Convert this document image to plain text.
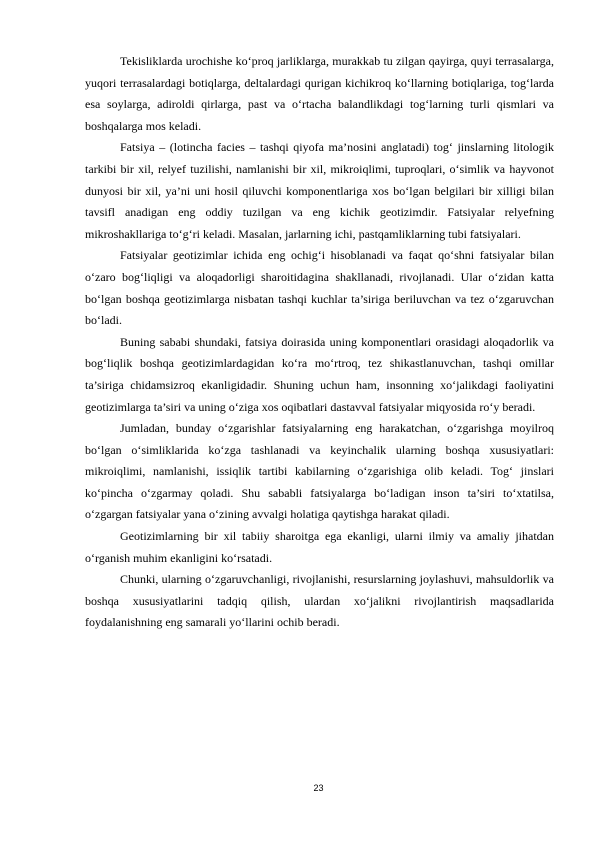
Tekisliklarda urochishe ko‘proq jarliklarga, murakkab tu zilgan qayirga, quyi terrasalarga, yuqori terrasalardagi botiqlarga, deltalardagi qurigan kichikroq ko‘llarning botiqlariga, tog‘larda esa soylarga, adiroldi qirlarga, past va o‘rtacha balandlikdagi tog‘larning turli qismlari va boshqalarga mos keladi.

Fatsiya – (lotincha facies – tashqi qiyofa ma’nosini anglatadi) tog‘ jinslarning litologik tarkibi bir xil, relyef tuzilishi, namlanishi bir xil, mikroiqlimi, tuproqlari, o‘simlik va hayvonot dunyosi bir xil, ya’ni uni hosil qiluvchi komponentlariga xos bo‘lgan belgilari bir xilligi bilan tavsifl anadigan eng oddiy tuzilgan va eng kichik geotizimdir. Fatsiyalar relyefning mikroshakllariga to‘g‘ri keladi. Masalan, jarlarning ichi, pastqamliklarning tubi fatsiyalari.

Fatsiyalar geotizimlar ichida eng ochig‘i hisoblanadi va faqat qo‘shni fatsiyalar bilan o‘zaro bog‘liqligi va aloqadorligi sharoitidagina shakllanadi, rivojlanadi. Ular o‘zidan katta bo‘lgan boshqa geotizimlarga nisbatan tashqi kuchlar ta’siriga beriluvchan va tez o‘zgaruvchan bo‘ladi.

Buning sababi shundaki, fatsiya doirasida uning komponentlari orasidagi aloqadorlik va bog‘liqlik boshqa geotizimlardagidan ko‘ra mo‘rtroq, tez shikastlanuvchan, tashqi omillar ta’siriga chidamsizroq ekanligidadir. Shuning uchun ham, insonning xo‘jalikdagi faoliyatini geotizimlarga ta’siri va uning o‘ziga xos oqibatlari dastavval fatsiyalar miqyosida ro‘y beradi.

Jumladan, bunday o‘zgarishlar fatsiyalarning eng harakatchan, o‘zgarishga moyilroq bo‘lgan o‘simliklarida ko‘zga tashlanadi va keyinchalik ularning boshqa xususiyatlari: mikroiqlimi, namlanishi, issiqlik tartibi kabilarning o‘zgarishiga olib keladi. Tog‘ jinslari ko‘pincha o‘zgarmay qoladi. Shu sababli fatsiyalarga bo‘ladigan inson ta’siri to‘xtatilsa, o‘zgargan fatsiyalar yana o‘zining avvalgi holatiga qaytishga harakat qiladi.

Geotizimlarning bir xil tabiiy sharoitga ega ekanligi, ularni ilmiy va amaliy jihatdan o‘rganish muhim ekanligini ko‘rsatadi.

Chunki, ularning o‘zgaruvchanligi, rivojlanishi, resurslarning joylashuvi, mahsuldorlik va boshqa xususiyatlarini tadqiq qilish, ulardan xo‘jalikni rivojlantirish maqsadlarida foydalanishning eng samarali yo‘llarini ochib beradi.

23
